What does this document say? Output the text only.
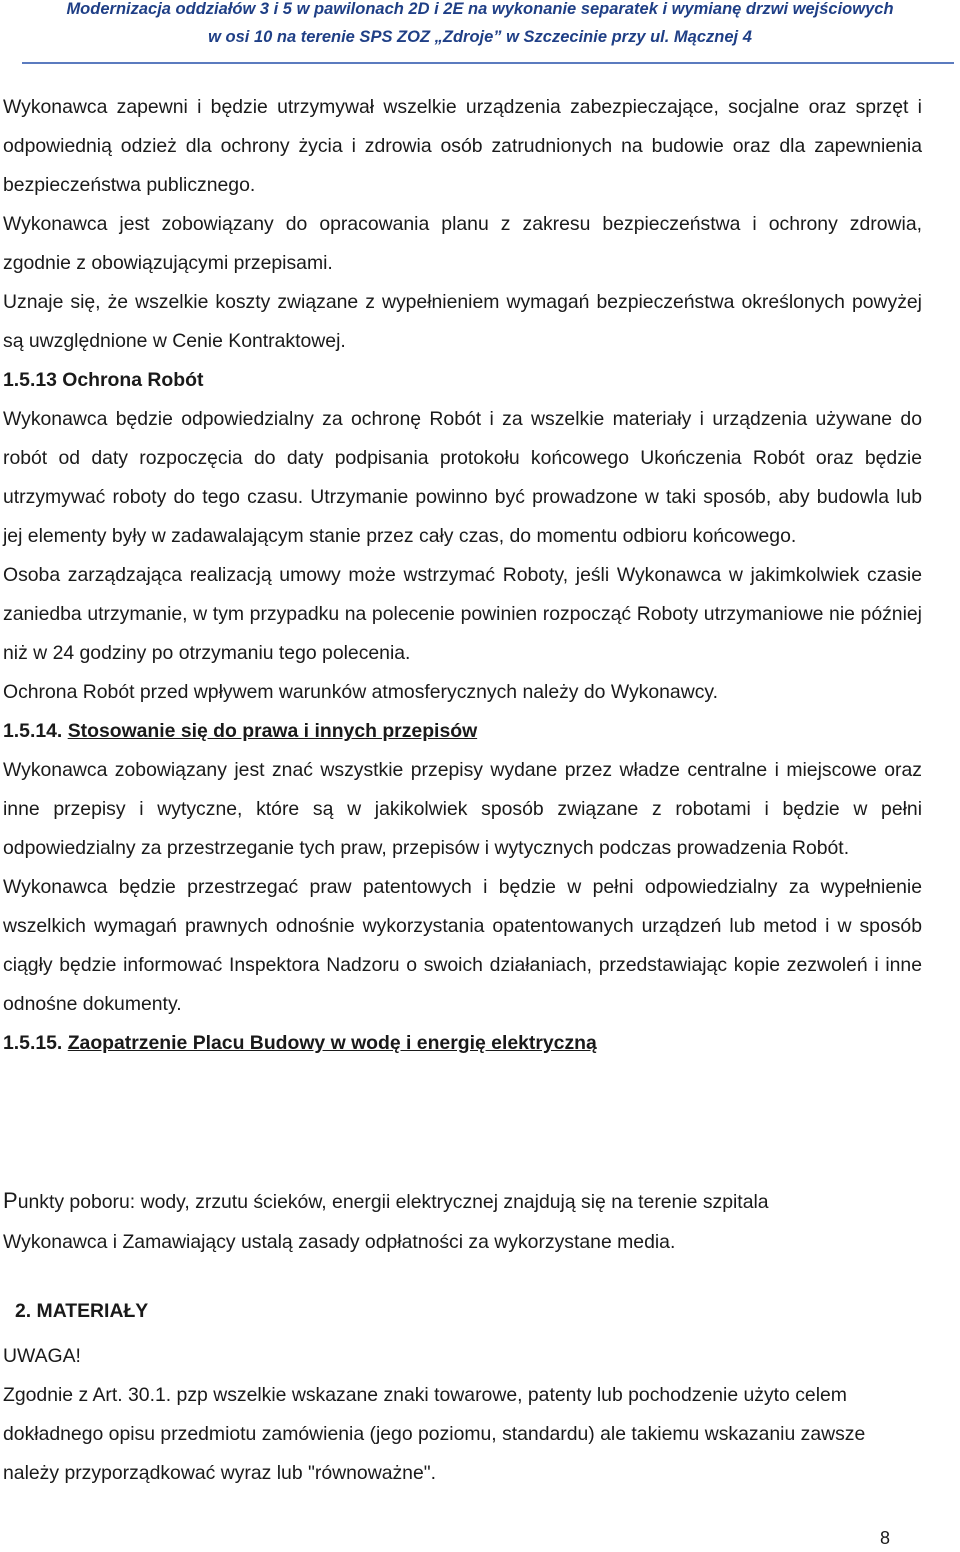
Modernizacja oddziałów 3 i 5 w pawilonach 2D i 2E na wykonanie separatek i wymianę drzwi wejściowych
w osi 10 na terenie SPS ZOZ „Zdroje” w Szczecinie przy ul. Mącznej 4

Wykonawca zapewni i będzie utrzymywał wszelkie urządzenia zabezpieczające, socjalne oraz sprzęt i odpowiednią odzież dla ochrony życia i zdrowia osób zatrudnionych na budowie oraz dla zapewnienia bezpieczeństwa publicznego.

Wykonawca jest zobowiązany do opracowania planu z zakresu bezpieczeństwa i ochrony zdrowia, zgodnie z obowiązującymi przepisami.

Uznaje się, że wszelkie koszty związane z wypełnieniem wymagań bezpieczeństwa określonych powyżej są uwzględnione w Cenie Kontraktowej.

1.5.13 Ochrona Robót

Wykonawca będzie odpowiedzialny za ochronę Robót i za wszelkie materiały i urządzenia używane do robót od daty rozpoczęcia do daty podpisania protokołu końcowego Ukończenia Robót oraz będzie utrzymywać roboty do tego czasu. Utrzymanie powinno być prowadzone w taki sposób, aby budowla lub jej elementy były w zadawalającym stanie przez cały czas, do momentu odbioru końcowego.

Osoba zarządzająca realizacją umowy może wstrzymać Roboty, jeśli Wykonawca w jakimkolwiek czasie zaniedba utrzymanie, w tym przypadku na polecenie powinien rozpocząć Roboty utrzymaniowe nie później niż w 24 godziny po otrzymaniu tego polecenia.

Ochrona Robót przed wpływem warunków atmosferycznych należy do Wykonawcy.

1.5.14. Stosowanie się do prawa i innych przepisów

Wykonawca zobowiązany jest znać wszystkie przepisy wydane przez władze centralne i miejscowe oraz inne przepisy i wytyczne, które są w jakikolwiek sposób związane z robotami i będzie w pełni odpowiedzialny za przestrzeganie tych praw, przepisów i wytycznych podczas prowadzenia Robót.

Wykonawca będzie przestrzegać praw patentowych i będzie w pełni odpowiedzialny za wypełnienie wszelkich wymagań prawnych odnośnie wykorzystania opatentowanych urządzeń lub metod i w sposób ciągły będzie informować Inspektora Nadzoru o swoich działaniach, przedstawiając kopie zezwoleń i inne odnośne dokumenty.

1.5.15. Zaopatrzenie Placu Budowy w wodę i energię elektryczną

Punkty poboru: wody, zrzutu ścieków, energii elektrycznej znajdują się na terenie szpitala
Wykonawca i Zamawiający ustalą zasady odpłatności za wykorzystane media.
2. MATERIAŁY
UWAGA!
Zgodnie z Art. 30.1. pzp wszelkie wskazane znaki towarowe, patenty lub pochodzenie użyto celem dokładnego opisu przedmiotu zamówienia (jego poziomu, standardu) ale takiemu wskazaniu zawsze należy przyporządkować wyraz lub "równoważne".
8
